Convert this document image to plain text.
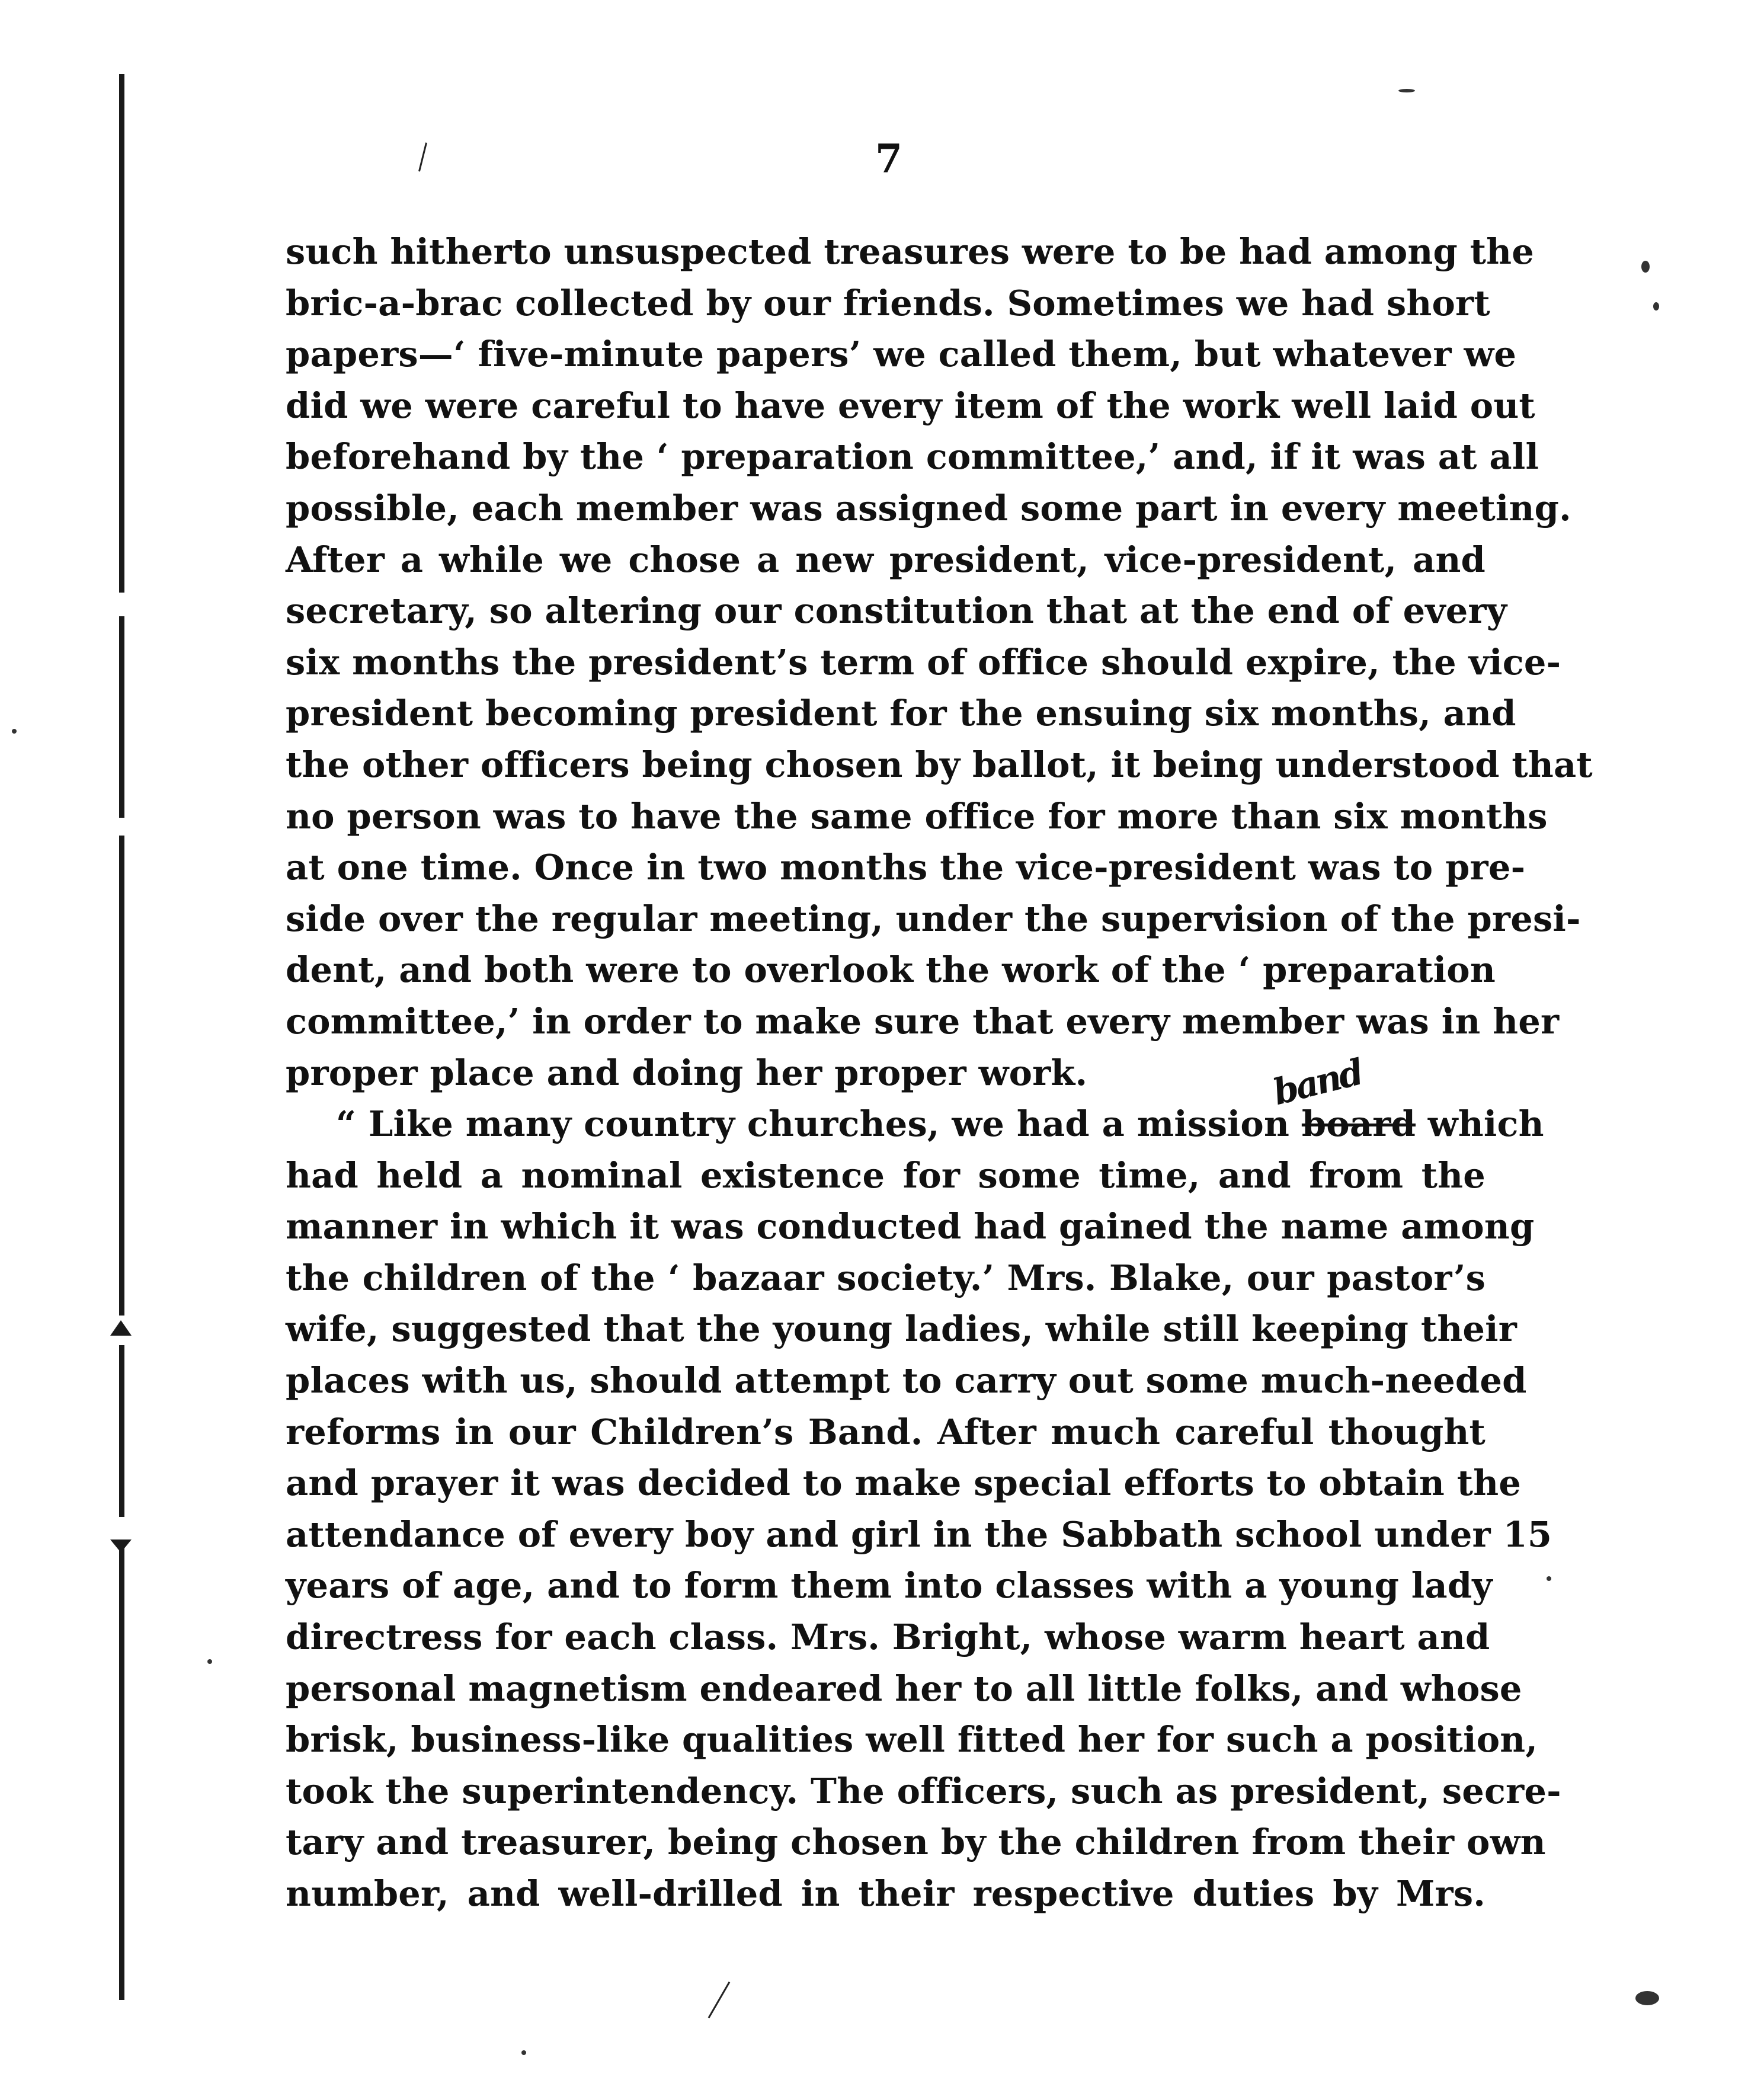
7
such hitherto unsuspected treasures were to be had among the
bric-a-brac collected by our friends. Sometimes we had short
papers—‘ five-minute papers’ we called them, but whatever we
did we were careful to have every item of the work well laid out
beforehand by the ‘ preparation committee,’ and, if it was at all
possible, each member was assigned some part in every meeting.
After a while we chose a new president, vice-president, and
secretary, so altering our constitution that at the end of every
six months the president’s term of office should expire, the vice-
president becoming president for the ensuing six months, and
the other officers being chosen by ballot, it being understood that
no person was to have the same office for more than six months
at one time. Once in two months the vice-president was to pre-
side over the regular meeting, under the supervision of the presi-
dent, and both were to overlook the work of the ‘ preparation
committee,’ in order to make sure that every member was in her
proper place and doing her proper work.
“ Like many country churches, we had a mission board which
had held a nominal existence for some time, and from the
manner in which it was conducted had gained the name among
the children of the ‘ bazaar society.’ Mrs. Blake, our pastor’s
wife, suggested that the young ladies, while still keeping their
places with us, should attempt to carry out some much-needed
reforms in our Children’s Band. After much careful thought
and prayer it was decided to make special efforts to obtain the
attendance of every boy and girl in the Sabbath school under 15
years of age, and to form them into classes with a young lady
directress for each class. Mrs. Bright, whose warm heart and
personal magnetism endeared her to all little folks, and whose
brisk, business-like qualities well fitted her for such a position,
took the superintendency. The officers, such as president, secre-
tary and treasurer, being chosen by the children from their own
number, and well-drilled in their respective duties by Mrs.
band
